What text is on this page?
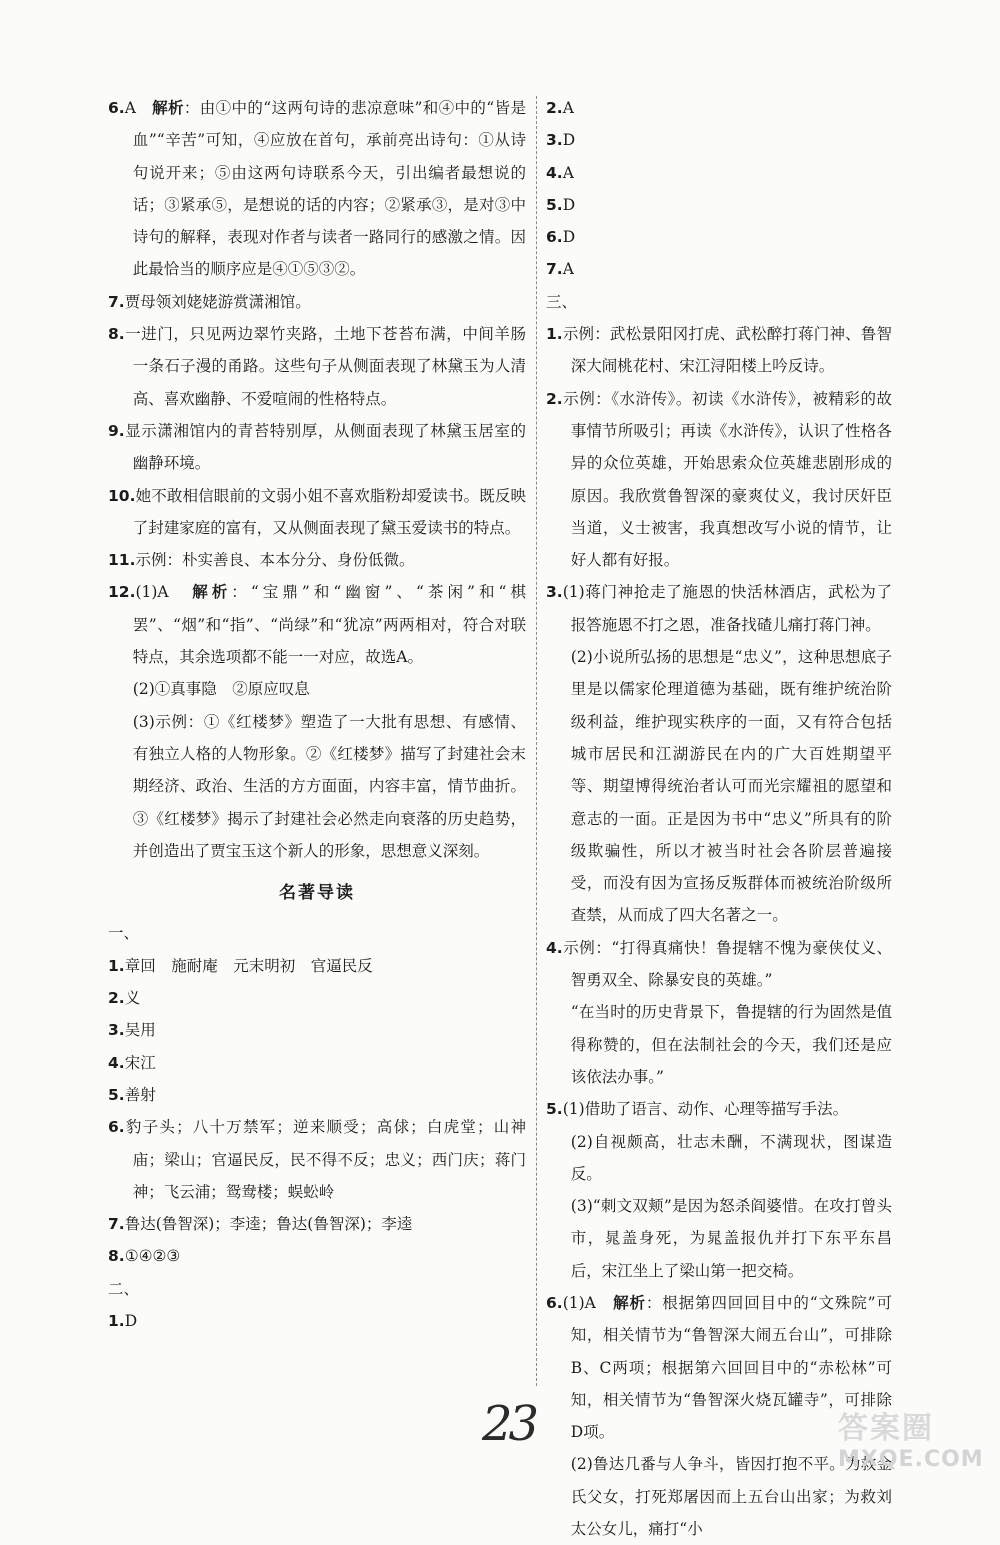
6.A　解析：由①中的“这两句诗的悲凉意味”和④中的“皆是血”“辛苦”可知，④应放在首句，承前亮出诗句：①从诗句说开来；⑤由这两句诗联系今天，引出编者最想说的话；③紧承⑤，是想说的话的内容；②紧承③，是对③中诗句的解释，表现对作者与读者一路同行的感激之情。因此最恰当的顺序应是④①⑤③②。

7.贾母领刘姥姥游赏潇湘馆。

8.一进门，只见两边翠竹夹路，土地下苍苔布满，中间羊肠一条石子漫的甬路。这些句子从侧面表现了林黛玉为人清高、喜欢幽静、不爱喧闹的性格特点。

9.显示潇湘馆内的青苔特别厚，从侧面表现了林黛玉居室的幽静环境。

10.她不敢相信眼前的文弱小姐不喜欢脂粉却爱读书。既反映了封建家庭的富有，又从侧面表现了黛玉爱读书的特点。

11.示例：朴实善良、本本分分、身份低微。

12.(1)A　解析：“宝鼎”和“幽窗”、“茶闲”和“棋罢”、“烟”和“指”、“尚绿”和“犹凉”两两相对，符合对联特点，其余选项都不能一一对应，故选A。

(2)①真事隐　②原应叹息

(3)示例：①《红楼梦》塑造了一大批有思想、有感情、有独立人格的人物形象。②《红楼梦》描写了封建社会末期经济、政治、生活的方方面面，内容丰富，情节曲折。③《红楼梦》揭示了封建社会必然走向衰落的历史趋势，并创造出了贾宝玉这个新人的形象，思想意义深刻。

名著导读

一、

1.章回　施耐庵　元末明初　官逼民反

2.义

3.吴用

4.宋江

5.善射

6.豹子头；八十万禁军；逆来顺受；高俅；白虎堂；山神庙；梁山；官逼民反，民不得不反；忠义；西门庆；蒋门神；飞云浦；鸳鸯楼；蜈蚣岭

7.鲁达(鲁智深)；李逵；鲁达(鲁智深)；李逵

8.①④②③

二、

1.D

2.A

3.D

4.A

5.D

6.D

7.A

三、

1.示例：武松景阳冈打虎、武松醉打蒋门神、鲁智深大闹桃花村、宋江浔阳楼上吟反诗。

2.示例：《水浒传》。初读《水浒传》，被精彩的故事情节所吸引；再读《水浒传》，认识了性格各异的众位英雄，开始思索众位英雄悲剧形成的原因。我欣赏鲁智深的豪爽仗义，我讨厌奸臣当道，义士被害，我真想改写小说的情节，让好人都有好报。

3.(1)蒋门神抢走了施恩的快活林酒店，武松为了报答施恩不打之恩，准备找碴儿痛打蒋门神。

(2)小说所弘扬的思想是“忠义”，这种思想底子里是以儒家伦理道德为基础，既有维护统治阶级利益，维护现实秩序的一面，又有符合包括城市居民和江湖游民在内的广大百姓期望平等、期望博得统治者认可而光宗耀祖的愿望和意志的一面。正是因为书中“忠义”所具有的阶级欺骗性，所以才被当时社会各阶层普遍接受，而没有因为宣扬反叛群体而被统治阶级所查禁，从而成了四大名著之一。

4.示例：“打得真痛快！鲁提辖不愧为豪侠仗义、智勇双全、除暴安良的英雄。”

“在当时的历史背景下，鲁提辖的行为固然是值得称赞的，但在法制社会的今天，我们还是应该依法办事。”

5.(1)借助了语言、动作、心理等描写手法。

(2)自视颇高，壮志未酬，不满现状，图谋造反。

(3)“刺文双颊”是因为怒杀阎婆惜。在攻打曾头市，晁盖身死，为晁盖报仇并打下东平东昌后，宋江坐上了梁山第一把交椅。

6.(1)A　解析：根据第四回回目中的“文殊院”可知，相关情节为“鲁智深大闹五台山”，可排除B、C两项；根据第六回回目中的“赤松林”可知，相关情节为“鲁智深火烧瓦罐寺”，可排除D项。

(2)鲁达几番与人争斗，皆因打抱不平。为救金氏父女，打死郑屠因而上五台山出家；为救刘太公女儿，痛打“小

23	答案圈
MXQE.COM
